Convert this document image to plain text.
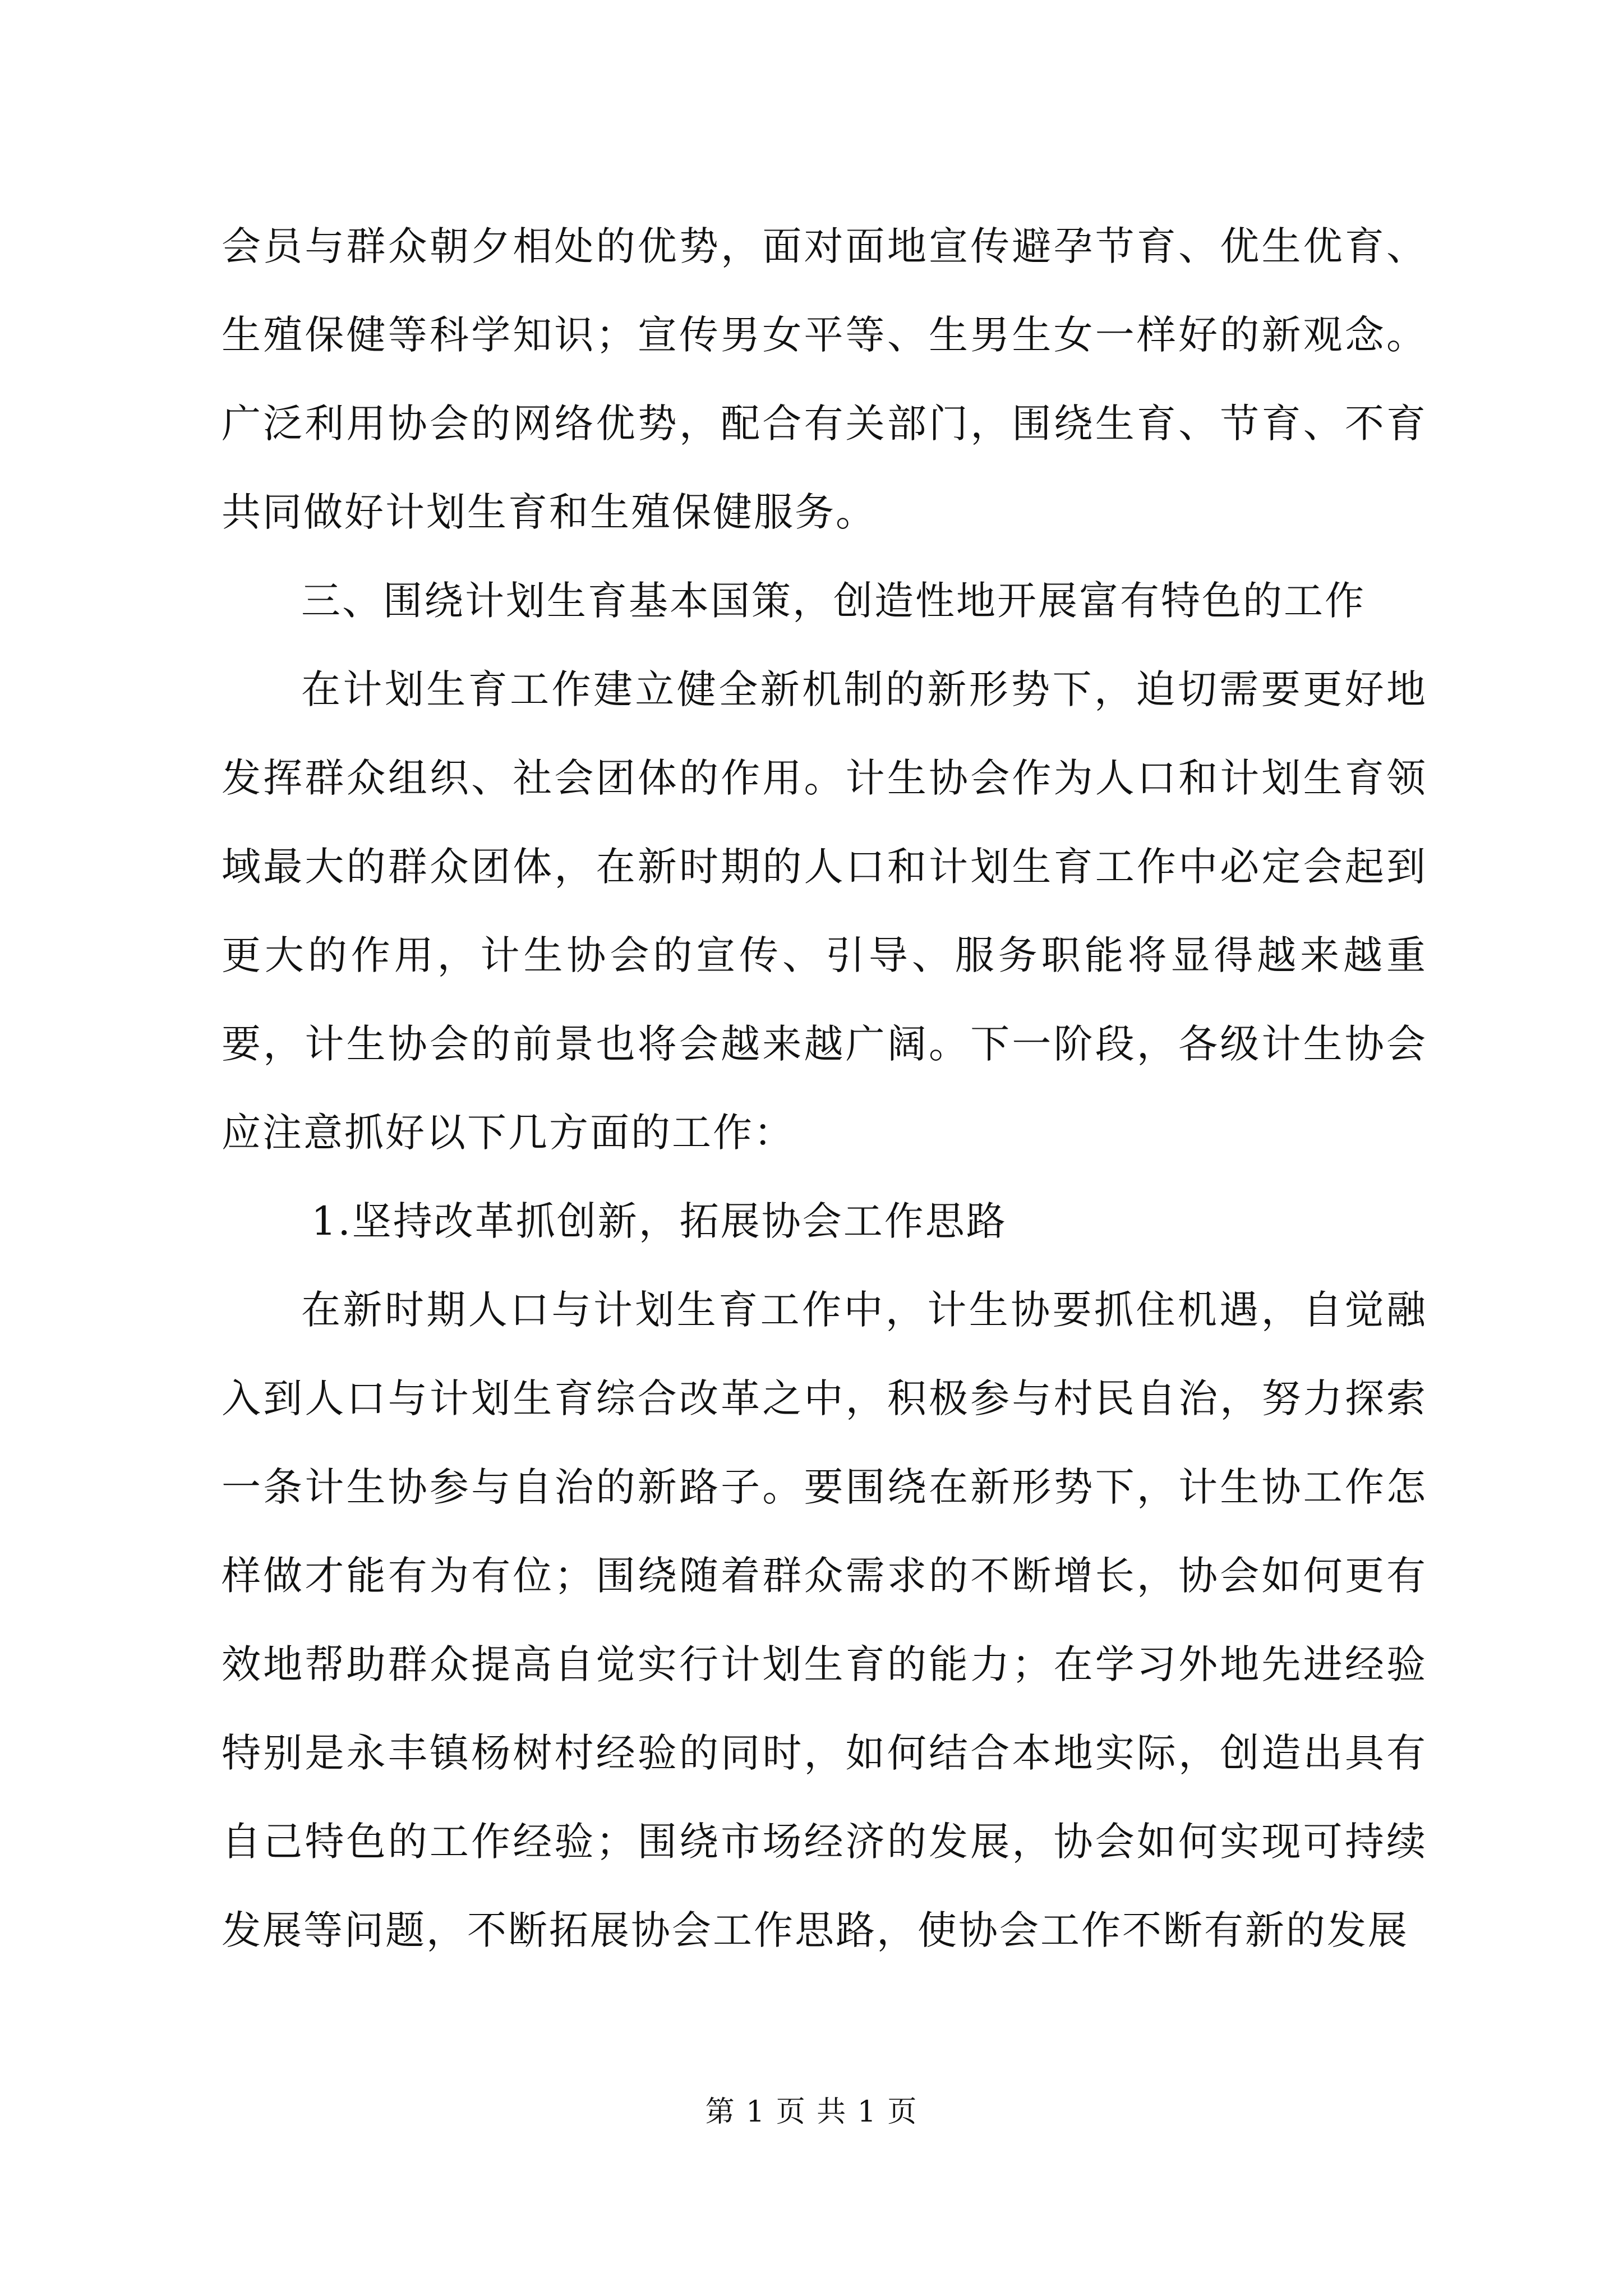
会员与群众朝夕相处的优势，面对面地宣传避孕节育、优生优育、生殖保健等科学知识；宣传男女平等、生男生女一样好的新观念。广泛利用协会的网络优势，配合有关部门，围绕生育、节育、不育共同做好计划生育和生殖保健服务。

三、围绕计划生育基本国策，创造性地开展富有特色的工作

在计划生育工作建立健全新机制的新形势下，迫切需要更好地发挥群众组织、社会团体的作用。计生协会作为人口和计划生育领域最大的群众团体，在新时期的人口和计划生育工作中必定会起到更大的作用，计生协会的宣传、引导、服务职能将显得越来越重要，计生协会的前景也将会越来越广阔。下一阶段，各级计生协会应注意抓好以下几方面的工作：

1.坚持改革抓创新，拓展协会工作思路

在新时期人口与计划生育工作中，计生协要抓住机遇，自觉融入到人口与计划生育综合改革之中，积极参与村民自治，努力探索一条计生协参与自治的新路子。要围绕在新形势下，计生协工作怎样做才能有为有位；围绕随着群众需求的不断增长，协会如何更有效地帮助群众提高自觉实行计划生育的能力；在学习外地先进经验特别是永丰镇杨树村经验的同时，如何结合本地实际，创造出具有自己特色的工作经验；围绕市场经济的发展，协会如何实现可持续发展等问题，不断拓展协会工作思路，使协会工作不断有新的发展

第 1 页 共 1 页
